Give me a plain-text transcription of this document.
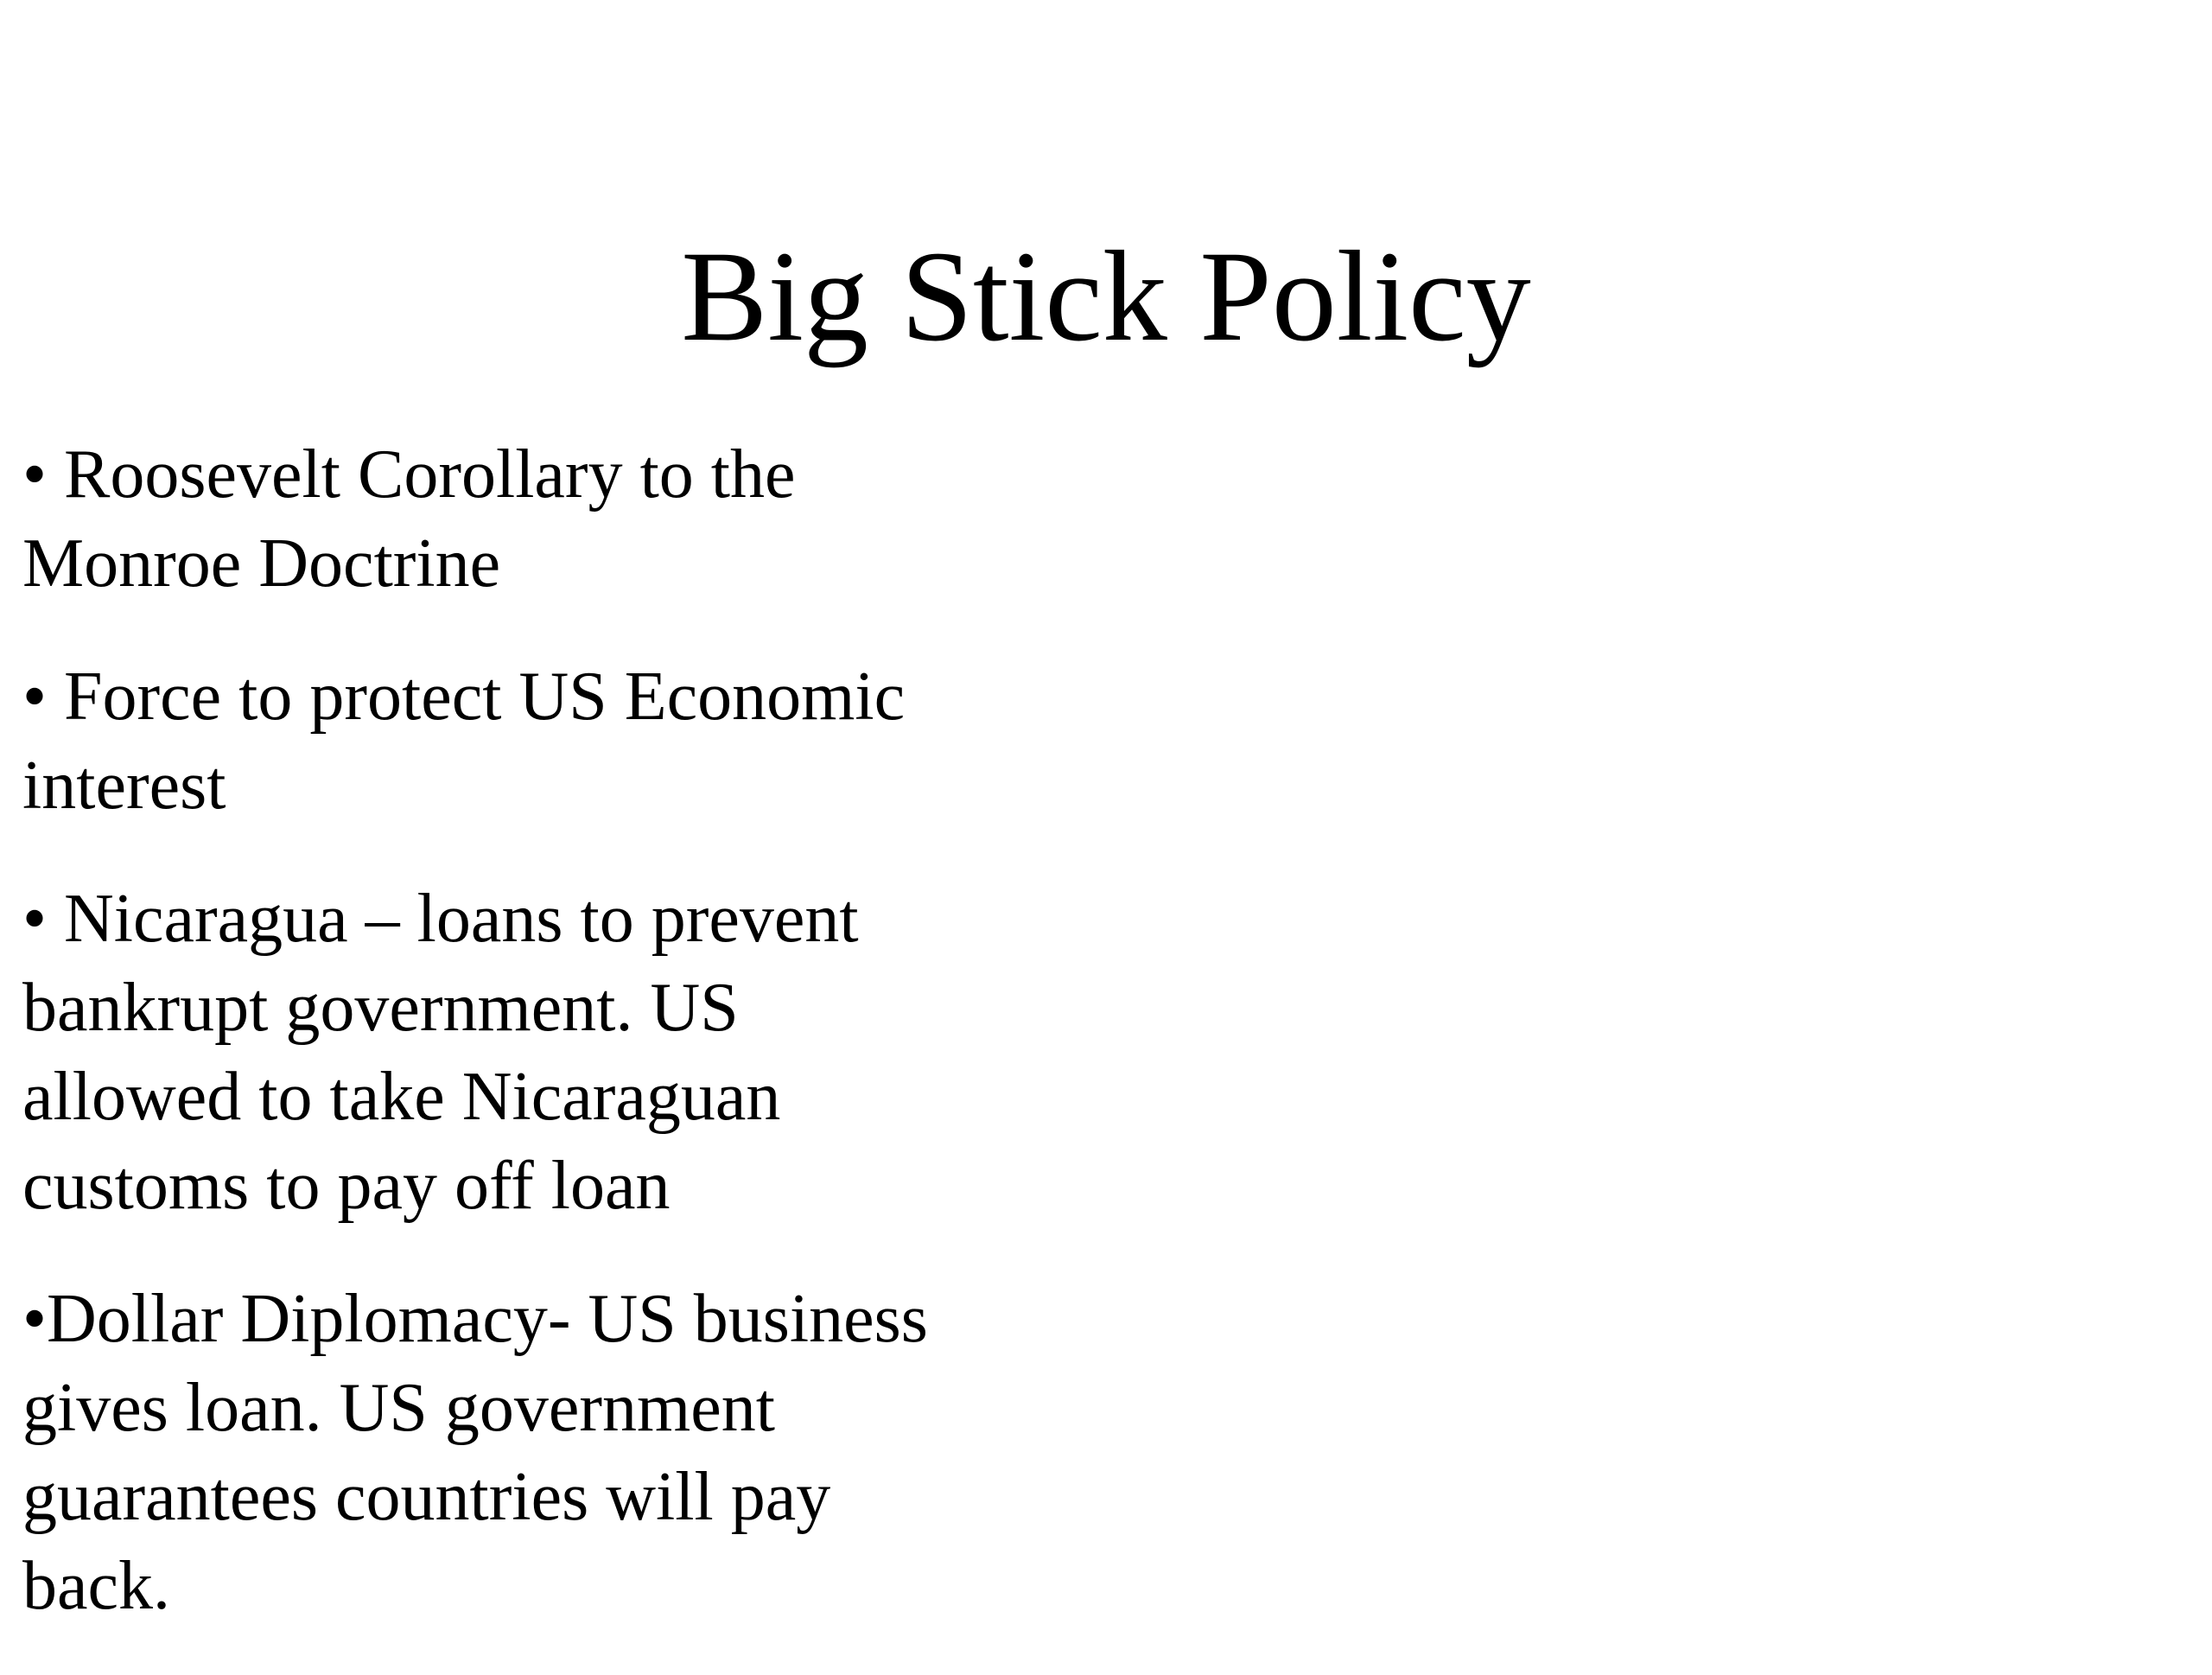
Big Stick Policy
• Roosevelt Corollary to the
Monroe Doctrine
• Force to protect US Economic
interest
• Nicaragua – loans to prevent
bankrupt government. US
allowed to take Nicaraguan
customs to pay off loan
•Dollar Diplomacy- US business
gives loan. US government
guarantees countries will pay
back.
